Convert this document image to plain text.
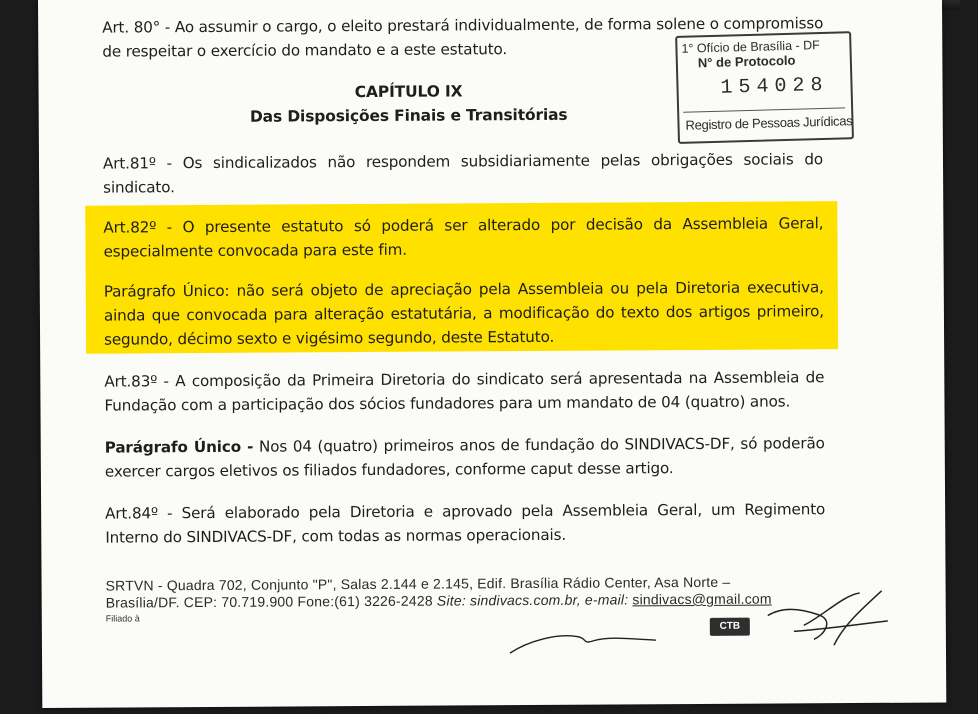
Art. 80° - Ao assumir o cargo, o eleito prestará individualmente, de forma solene o compromisso
de respeitar o exercício do mandato e a este estatuto.
CAPÍTULO IX
Das Disposições Finais e Transitórias
1° Ofício de Brasília - DF
N° de Protocolo
154028
Registro de Pessoas Jurídicas
Art.81º - Os sindicalizados não respondem subsidiariamente pelas obrigações sociais do
sindicato.
Art.82º - O presente estatuto só poderá ser alterado por decisão da Assembleia Geral,
especialmente convocada para este fim.
Parágrafo Único: não será objeto de apreciação pela Assembleia ou pela Diretoria executiva,
ainda que convocada para alteração estatutária, a modificação do texto dos artigos primeiro,
segundo, décimo sexto e vigésimo segundo, deste Estatuto.
Art.83º - A composição da Primeira Diretoria do sindicato será apresentada na Assembleia de
Fundação com a participação dos sócios fundadores para um mandato de 04 (quatro) anos.
Parágrafo Único - Nos 04 (quatro) primeiros anos de fundação do SINDIVACS-DF, só poderão
exercer cargos eletivos os filiados fundadores, conforme caput desse artigo.
Art.84º - Será elaborado pela Diretoria e aprovado pela Assembleia Geral, um Regimento
Interno do SINDIVACS-DF, com todas as normas operacionais.
SRTVN - Quadra 702, Conjunto "P", Salas 2.144 e 2.145, Edif. Brasília Rádio Center, Asa Norte –
Brasília/DF. CEP: 70.719.900 Fone:(61) 3226-2428 Site: sindivacs.com.br, e-mail: sindivacs@gmail.com
Filiado à
CTB
